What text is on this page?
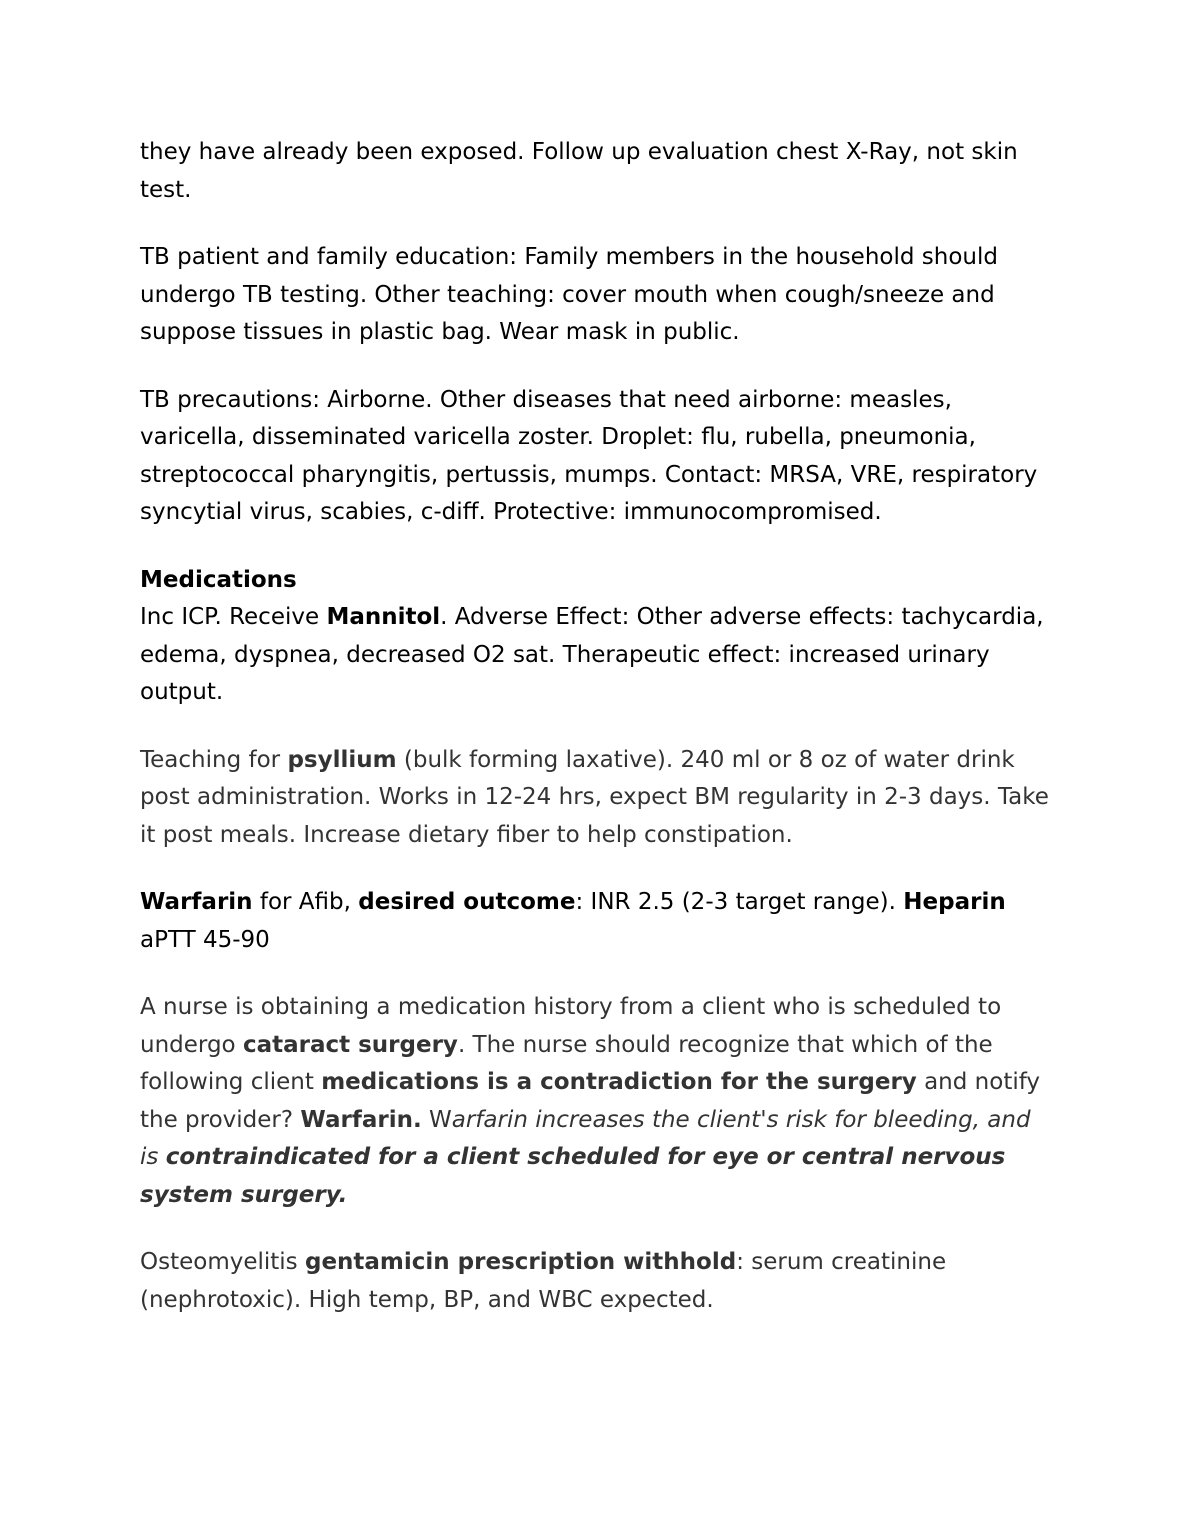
they have already been exposed. Follow up evaluation chest X-Ray, not skin test.

TB patient and family education: Family members in the household should undergo TB testing. Other teaching: cover mouth when cough/sneeze and suppose tissues in plastic bag. Wear mask in public.

TB precautions: Airborne. Other diseases that need airborne: measles, varicella, disseminated varicella zoster. Droplet: flu, rubella, pneumonia, streptococcal pharyngitis, pertussis, mumps. Contact: MRSA, VRE, respiratory syncytial virus, scabies, c-diff. Protective: immunocompromised.

Medications
Inc ICP. Receive Mannitol. Adverse Effect: Other adverse effects: tachycardia, edema, dyspnea, decreased O2 sat. Therapeutic effect: increased urinary output.

Teaching for psyllium (bulk forming laxative). 240 ml or 8 oz of water drink post administration. Works in 12-24 hrs, expect BM regularity in 2-3 days. Take it post meals. Increase dietary fiber to help constipation.

Warfarin for Afib, desired outcome: INR 2.5 (2-3 target range). Heparin aPTT 45-90

A nurse is obtaining a medication history from a client who is scheduled to undergo cataract surgery. The nurse should recognize that which of the following client medications is a contradiction for the surgery and notify the provider? Warfarin. Warfarin increases the client's risk for bleeding, and is contraindicated for a client scheduled for eye or central nervous system surgery.

Osteomyelitis gentamicin prescription withhold: serum creatinine (nephrotoxic). High temp, BP, and WBC expected.
